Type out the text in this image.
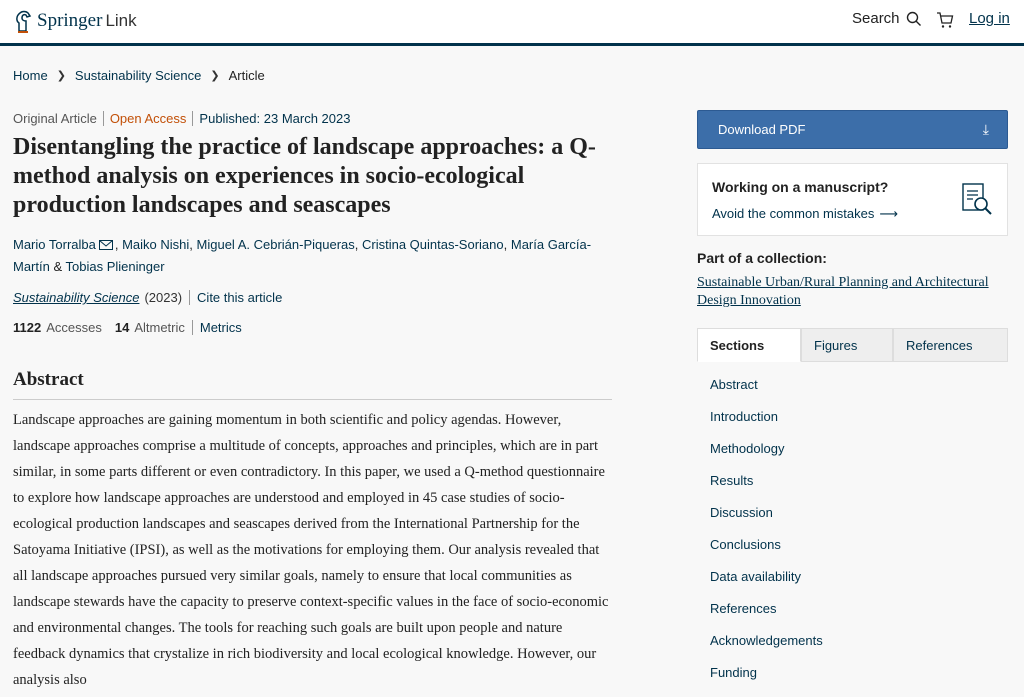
Springer Link	Search	Log in
Home ❯ Sustainability Science ❯ Article
Original Article Open Access Published: 23 March 2023
Disentangling the practice of landscape approaches: a Q-method analysis on experiences in socio-ecological production landscapes and seascapes
Mario Torralba , Maiko Nishi, Miguel A. Cebrián-Piqueras, Cristina Quintas-Soriano, María García-Martín & Tobias Plieninger
Sustainability Science (2023) Cite this article
1122 Accesses 14 Altmetric Metrics
Abstract

Landscape approaches are gaining momentum in both scientific and policy agendas. However, landscape approaches comprise a multitude of concepts, approaches and principles, which are in part similar, in some parts different or even contradictory. In this paper, we used a Q-method questionnaire to explore how landscape approaches are understood and employed in 45 case studies of socio-ecological production landscapes and seascapes derived from the International Partnership for the Satoyama Initiative (IPSI), as well as the motivations for employing them. Our analysis revealed that all landscape approaches pursued very similar goals, namely to ensure that local communities as landscape stewards have the capacity to preserve context-specific values in the face of socio-economic and environmental changes. The tools for reaching such goals are built upon people and nature feedback dynamics that crystalize in rich biodiversity and local ecological knowledge. However, our analysis also

Download PDF	⤓
Working on a manuscript?
Avoid the common mistakes ⟶
Part of a collection:
Sustainable Urban/Rural Planning and Architectural Design Innovation
Sections	Figures	References
Abstract
Introduction
Methodology
Results
Discussion
Conclusions
Data availability
References
Acknowledgements
Funding
